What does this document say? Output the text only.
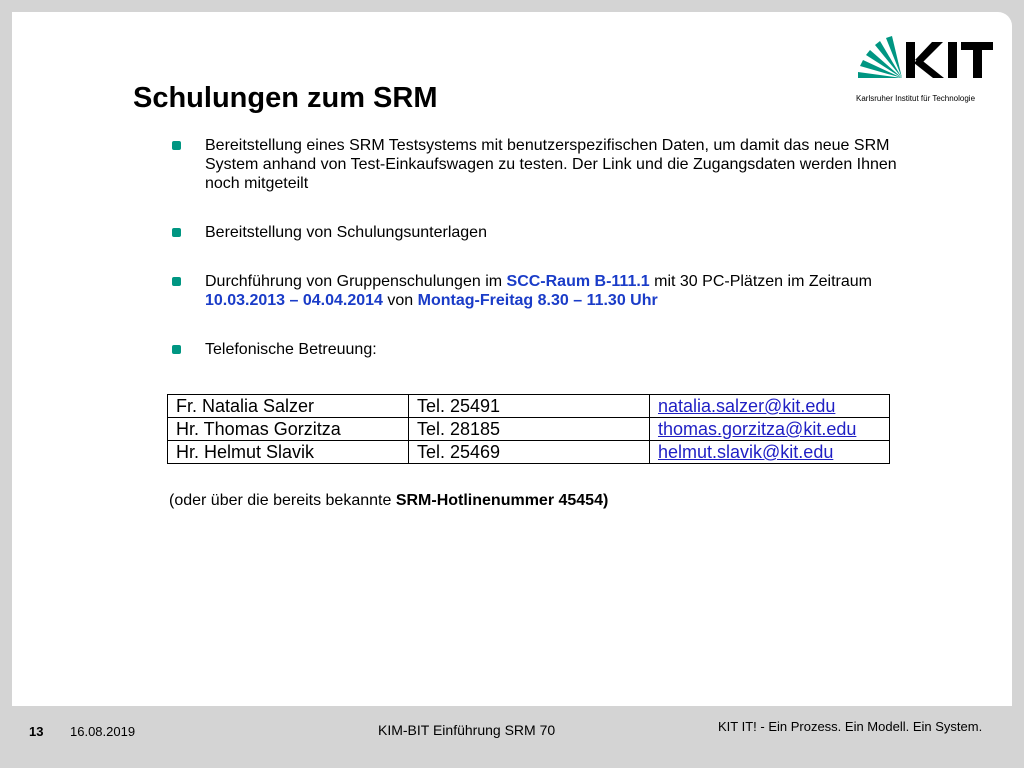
Karlsruher Institut für Technologie
Schulungen zum SRM
Bereitstellung eines SRM Testsystems mit benutzerspezifischen Daten, um damit das neue SRM System anhand von Test-Einkaufswagen zu testen. Der Link und die Zugangsdaten werden Ihnen noch mitgeteilt
Bereitstellung von Schulungsunterlagen
Durchführung von Gruppenschulungen im SCC-Raum B-111.1 mit 30 PC-Plätzen im Zeitraum 10.03.2013 – 04.04.2014 von Montag-Freitag 8.30 – 11.30 Uhr
Telefonische Betreuung:
Fr. Natalia Salzer	Tel. 25491	natalia.salzer@kit.edu
Hr. Thomas Gorzitza	Tel. 28185	thomas.gorzitza@kit.edu
Hr. Helmut Slavik	Tel. 25469	helmut.slavik@kit.edu
(oder über die bereits bekannte SRM-Hotlinenummer 45454)
13 16.08.2019	KIM-BIT Einführung SRM 70	KIT IT! - Ein Prozess. Ein Modell. Ein System.
